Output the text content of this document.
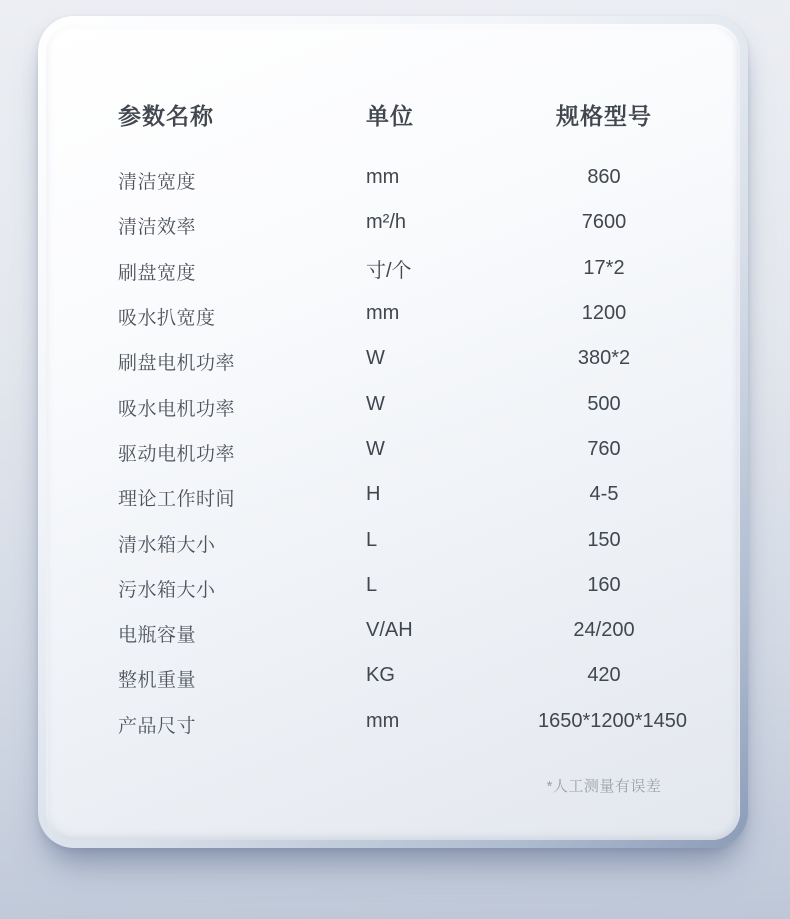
参数名称	单位	规格型号
清洁宽度	mm	860
清洁效率	m²/h	7600
刷盘宽度	寸/个	17*2
吸水扒宽度	mm	1200
刷盘电机功率	W	380*2
吸水电机功率	W	500
驱动电机功率	W	760
理论工作时间	H	4-5
清水箱大小	L	150
污水箱大小	L	160
电瓶容量	V/AH	24/200
整机重量	KG	420
产品尺寸	mm	1650*1200*1450
*人工测量有误差
